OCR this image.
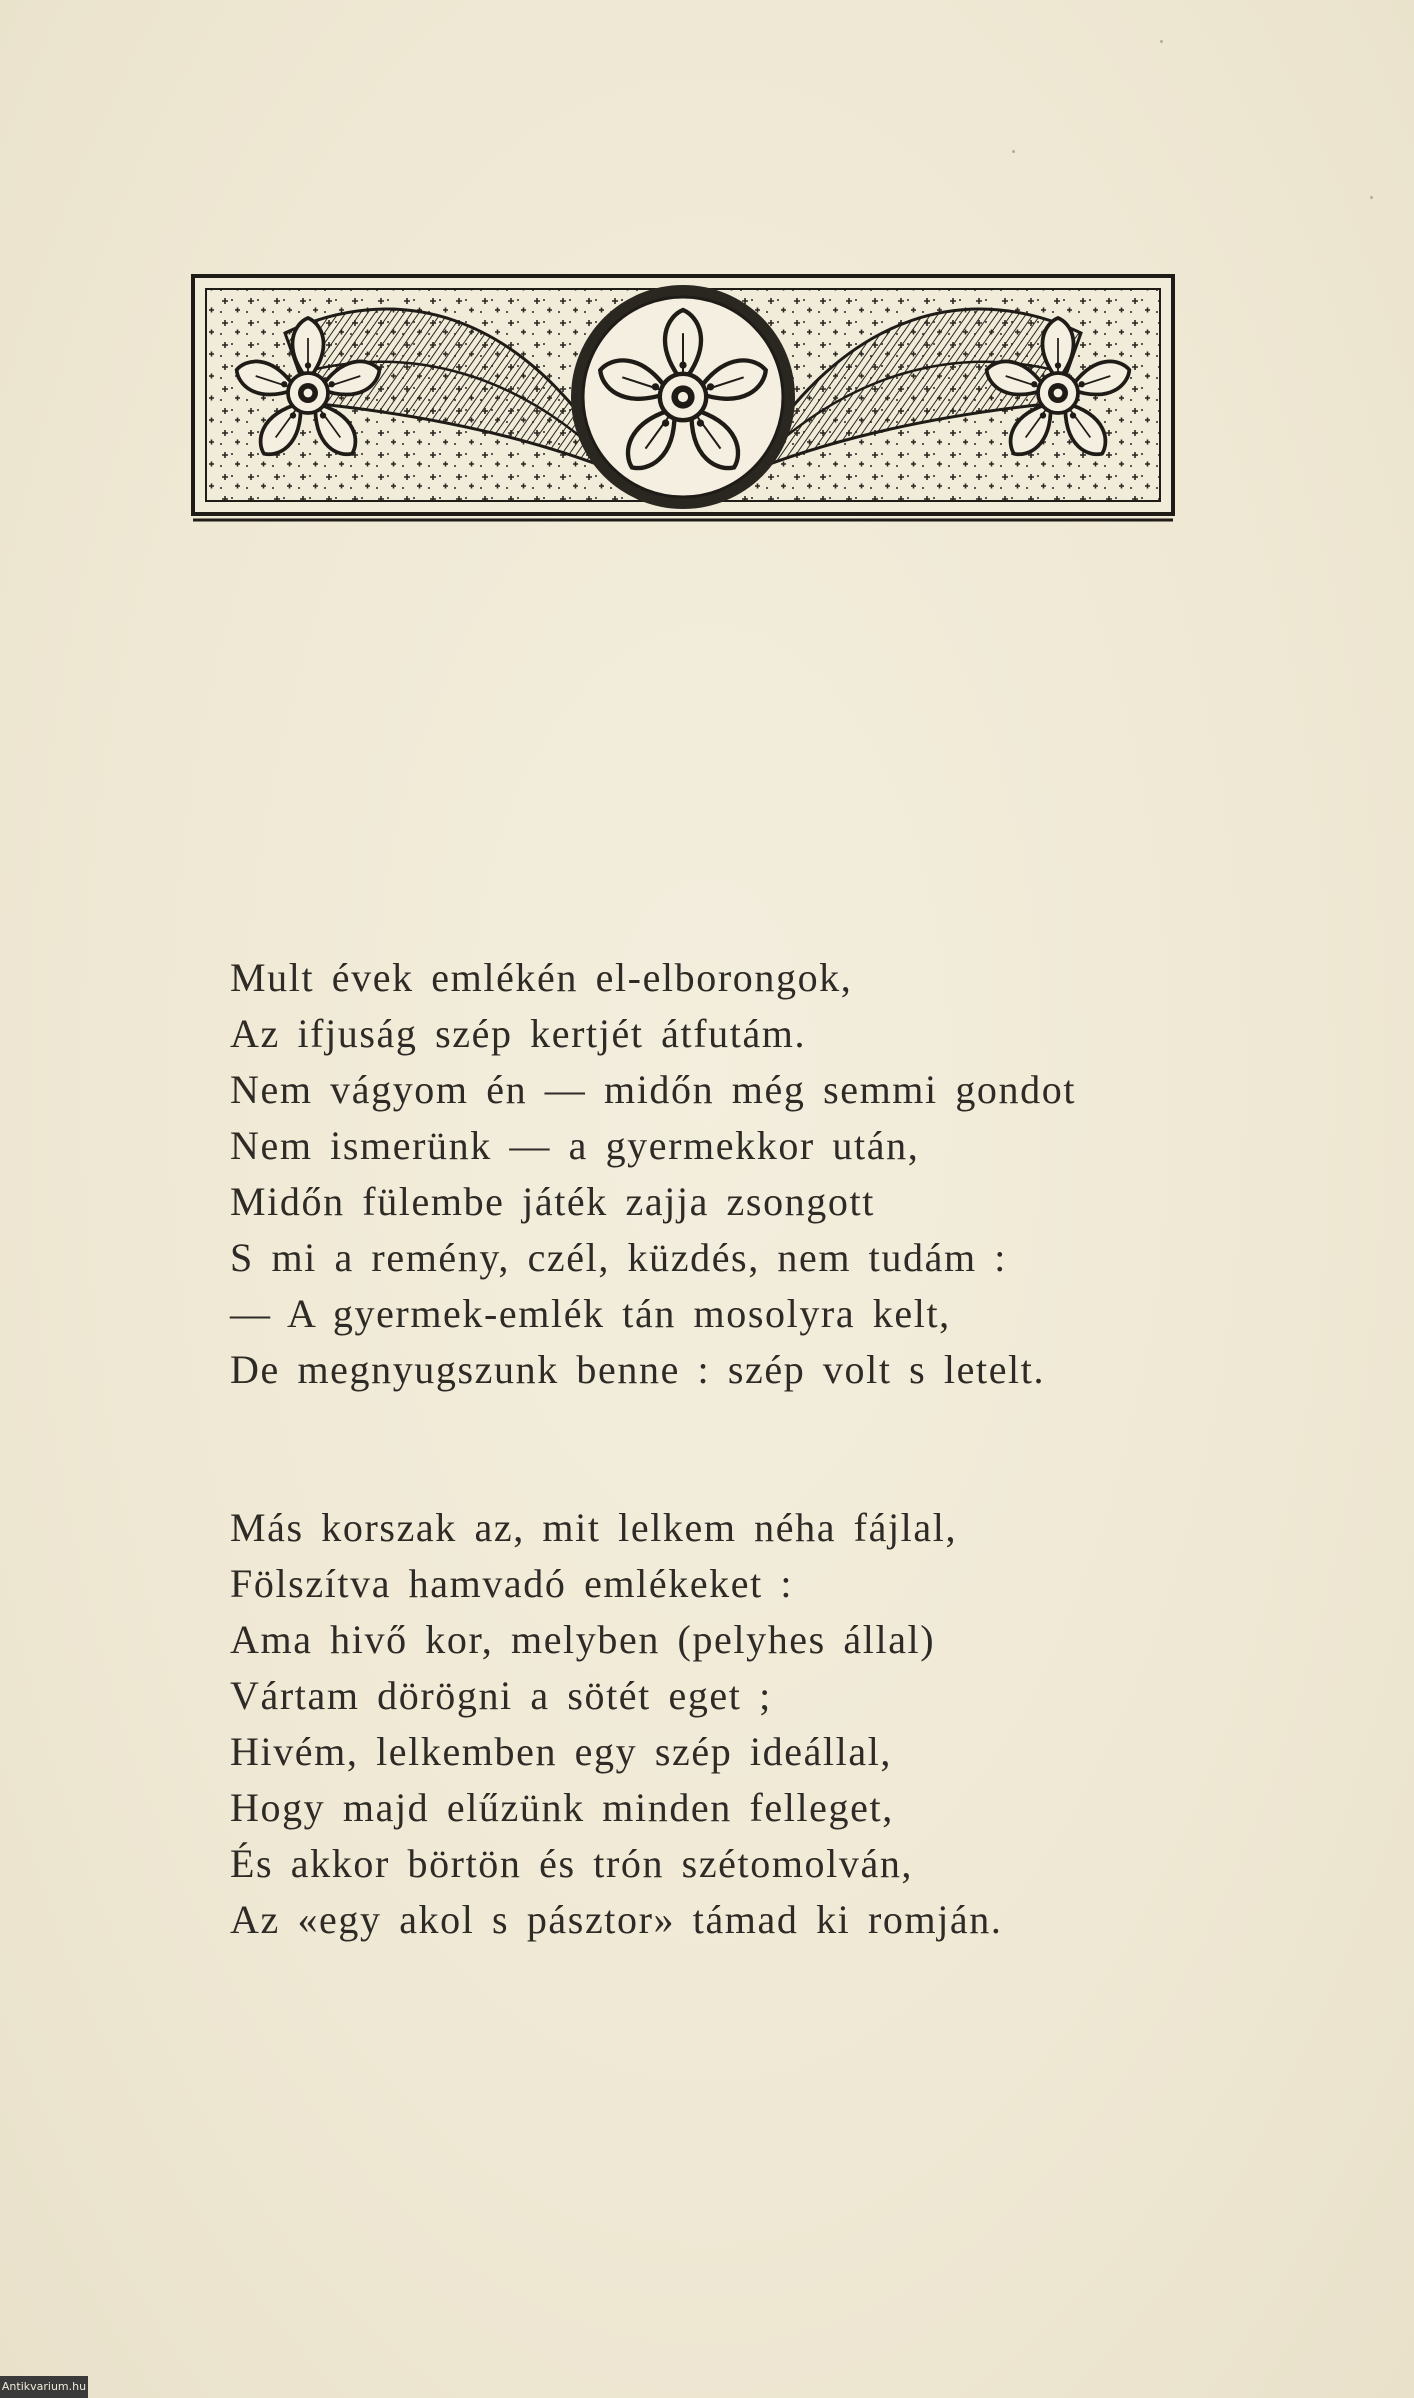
Mult évek emlékén el-elborongok,
Az ifjuság szép kertjét átfutám.
Nem vágyom én — midőn még semmi gondot
Nem ismerünk — a gyermekkor után,
Midőn fülembe játék zajja zsongott
S mi a remény, czél, küzdés, nem tudám :
— A gyermek-emlék tán mosolyra kelt,
De megnyugszunk benne : szép volt s letelt.
Más korszak az, mit lelkem néha fájlal,
Fölszítva hamvadó emlékeket :
Ama hivő kor, melyben (pelyhes állal)
Vártam dörögni a sötét eget ;
Hivém, lelkemben egy szép ideállal,
Hogy majd elűzünk minden felleget,
És akkor börtön és trón szétomolván,
Az «egy akol s pásztor» támad ki romján.
Antikvarium.hu
